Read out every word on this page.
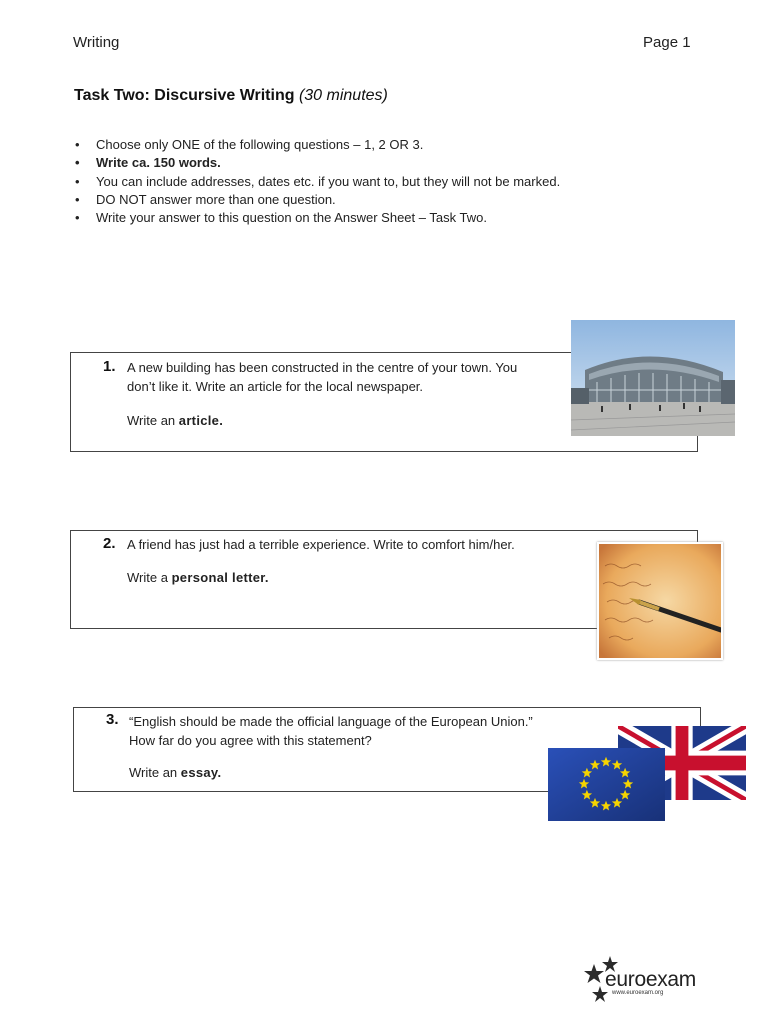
Writing	Page 1
Task Two: Discursive Writing (30 minutes)
• Choose only ONE of the following questions – 1, 2 OR 3.
• Write ca. 150 words.
• You can include addresses, dates etc. if you want to, but they will not be marked.
• DO NOT answer more than one question.
• Write your answer to this question on the Answer Sheet – Task Two.
1. A new building has been constructed in the centre of your town. You
don’t like it. Write an article for the local newspaper.
Write an article.
2. A friend has just had a terrible experience. Write to comfort him/her.
Write a personal letter.
3. “English should be made the official language of the European Union.”
How far do you agree with this statement?
Write an essay.
euroexam
www.euroexam.org
